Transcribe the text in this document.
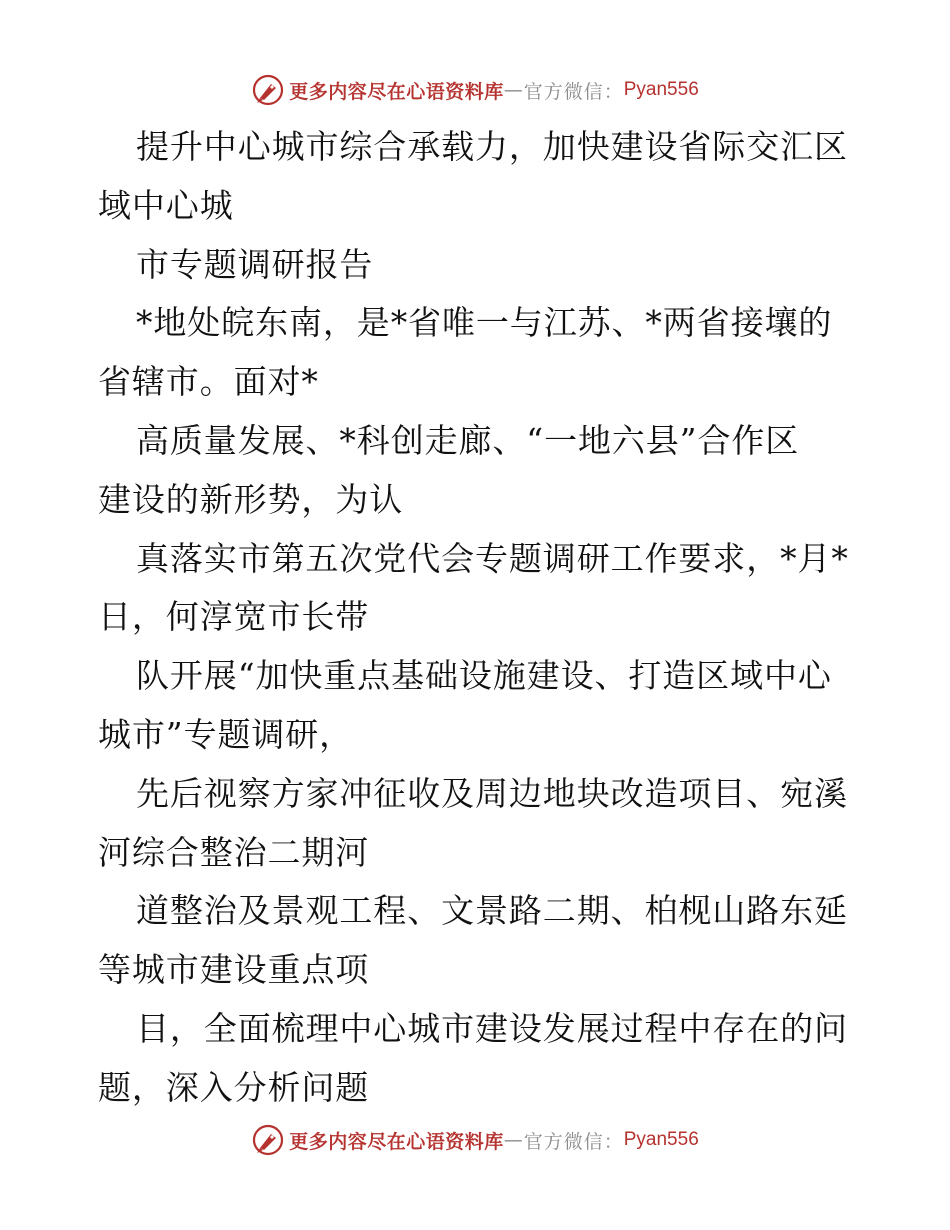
更多内容尽在心语资料库 — 官方微信： Pyan556
提升中心城市综合承载力，加快建设省际交汇区
域中心城
市专题调研报告
*地处皖东南，是*省唯一与江苏、*两省接壤的
省辖市。面对*
高质量发展、*科创走廊、“一地六县”合作区
建设的新形势，为认
真落实市第五次党代会专题调研工作要求，*月*
日，何淳宽市长带
队开展“加快重点基础设施建设、打造区域中心
城市”专题调研，
先后视察方家冲征收及周边地块改造项目、宛溪
河综合整治二期河
道整治及景观工程、文景路二期、柏枧山路东延
等城市建设重点项
目，全面梳理中心城市建设发展过程中存在的问
题，深入分析问题
更多内容尽在心语资料库 — 官方微信： Pyan556
